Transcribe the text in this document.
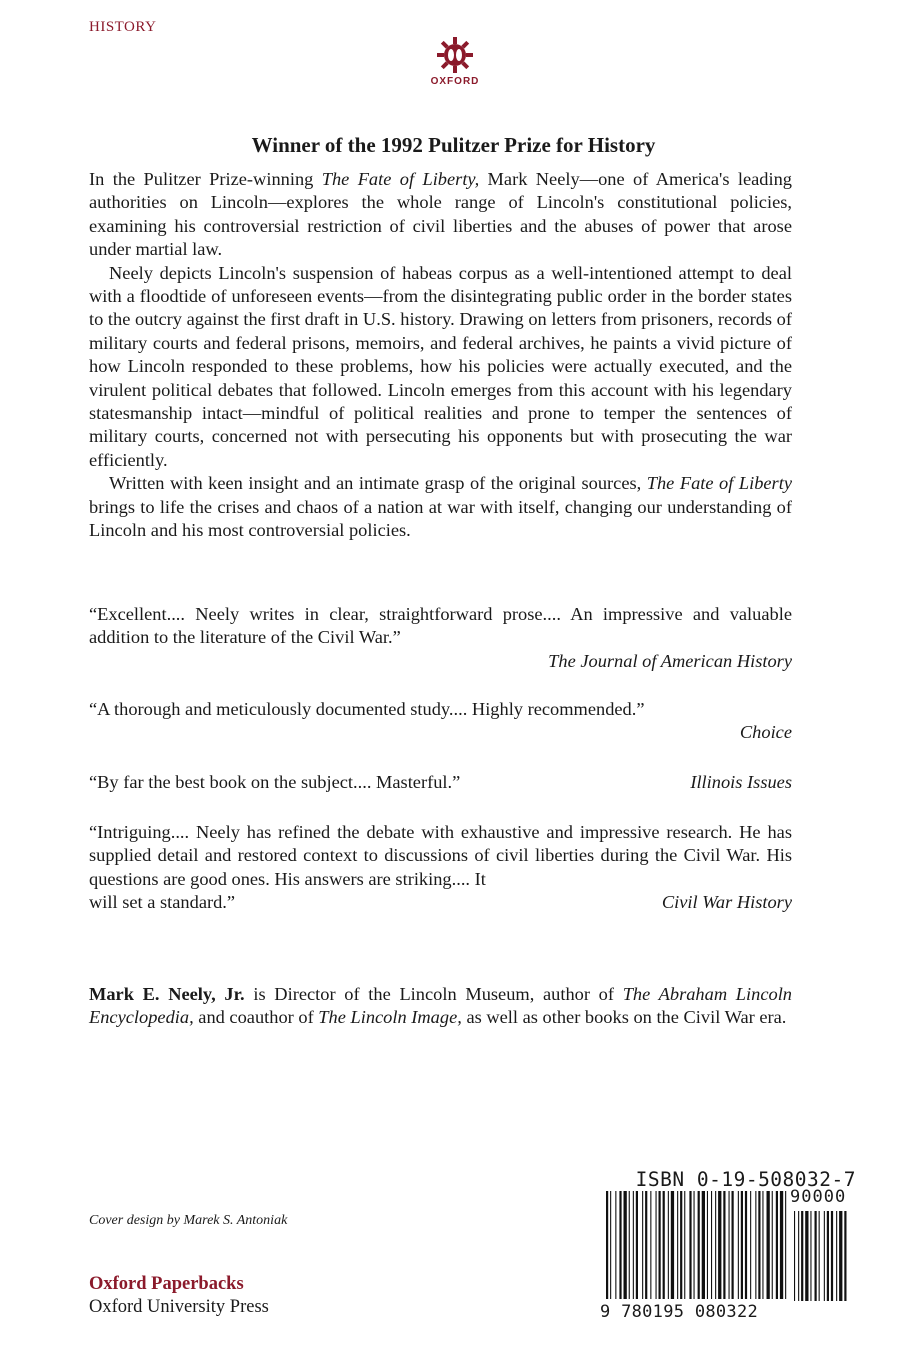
HISTORY
OXFORD
Winner of the 1992 Pulitzer Prize for History

In the Pulitzer Prize-winning The Fate of Liberty, Mark Neely—one of America's leading authorities on Lincoln—explores the whole range of Lincoln's constitutional policies, examining his controversial restriction of civil liberties and the abuses of power that arose under martial law.

Neely depicts Lincoln's suspension of habeas corpus as a well-intentioned attempt to deal with a floodtide of unforeseen events—from the disintegrating public order in the border states to the outcry against the first draft in U.S. history. Drawing on letters from prisoners, records of military courts and federal prisons, memoirs, and federal archives, he paints a vivid picture of how Lincoln responded to these problems, how his policies were actually executed, and the virulent political debates that followed. Lincoln emerges from this account with his legendary statesmanship intact—mindful of political realities and prone to temper the sentences of military courts, concerned not with persecuting his opponents but with prosecuting the war efficiently.

Written with keen insight and an intimate grasp of the original sources, The Fate of Liberty brings to life the crises and chaos of a nation at war with itself, changing our understanding of Lincoln and his most controversial policies.

“Excellent.... Neely writes in clear, straightforward prose.... An impressive and valuable addition to the literature of the Civil War.”
The Journal of American History
“A thorough and meticulously documented study.... Highly recommended.”
Choice
“By far the best book on the subject.... Masterful.”	Illinois Issues
“Intriguing.... Neely has refined the debate with exhaustive and impressive research. He has supplied detail and restored context to discussions of civil liberties during the Civil War. His questions are good ones. His answers are striking.... It
will set a standard.”	Civil War History
Mark E. Neely, Jr. is Director of the Lincoln Museum, author of The Abraham Lincoln Encyclopedia, and coauthor of The Lincoln Image, as well as other books on the Civil War era.
Cover design by Marek S. Antoniak
Oxford Paperbacks
Oxford University Press
ISBN 0-19-508032-7
90000
9 780195 080322
